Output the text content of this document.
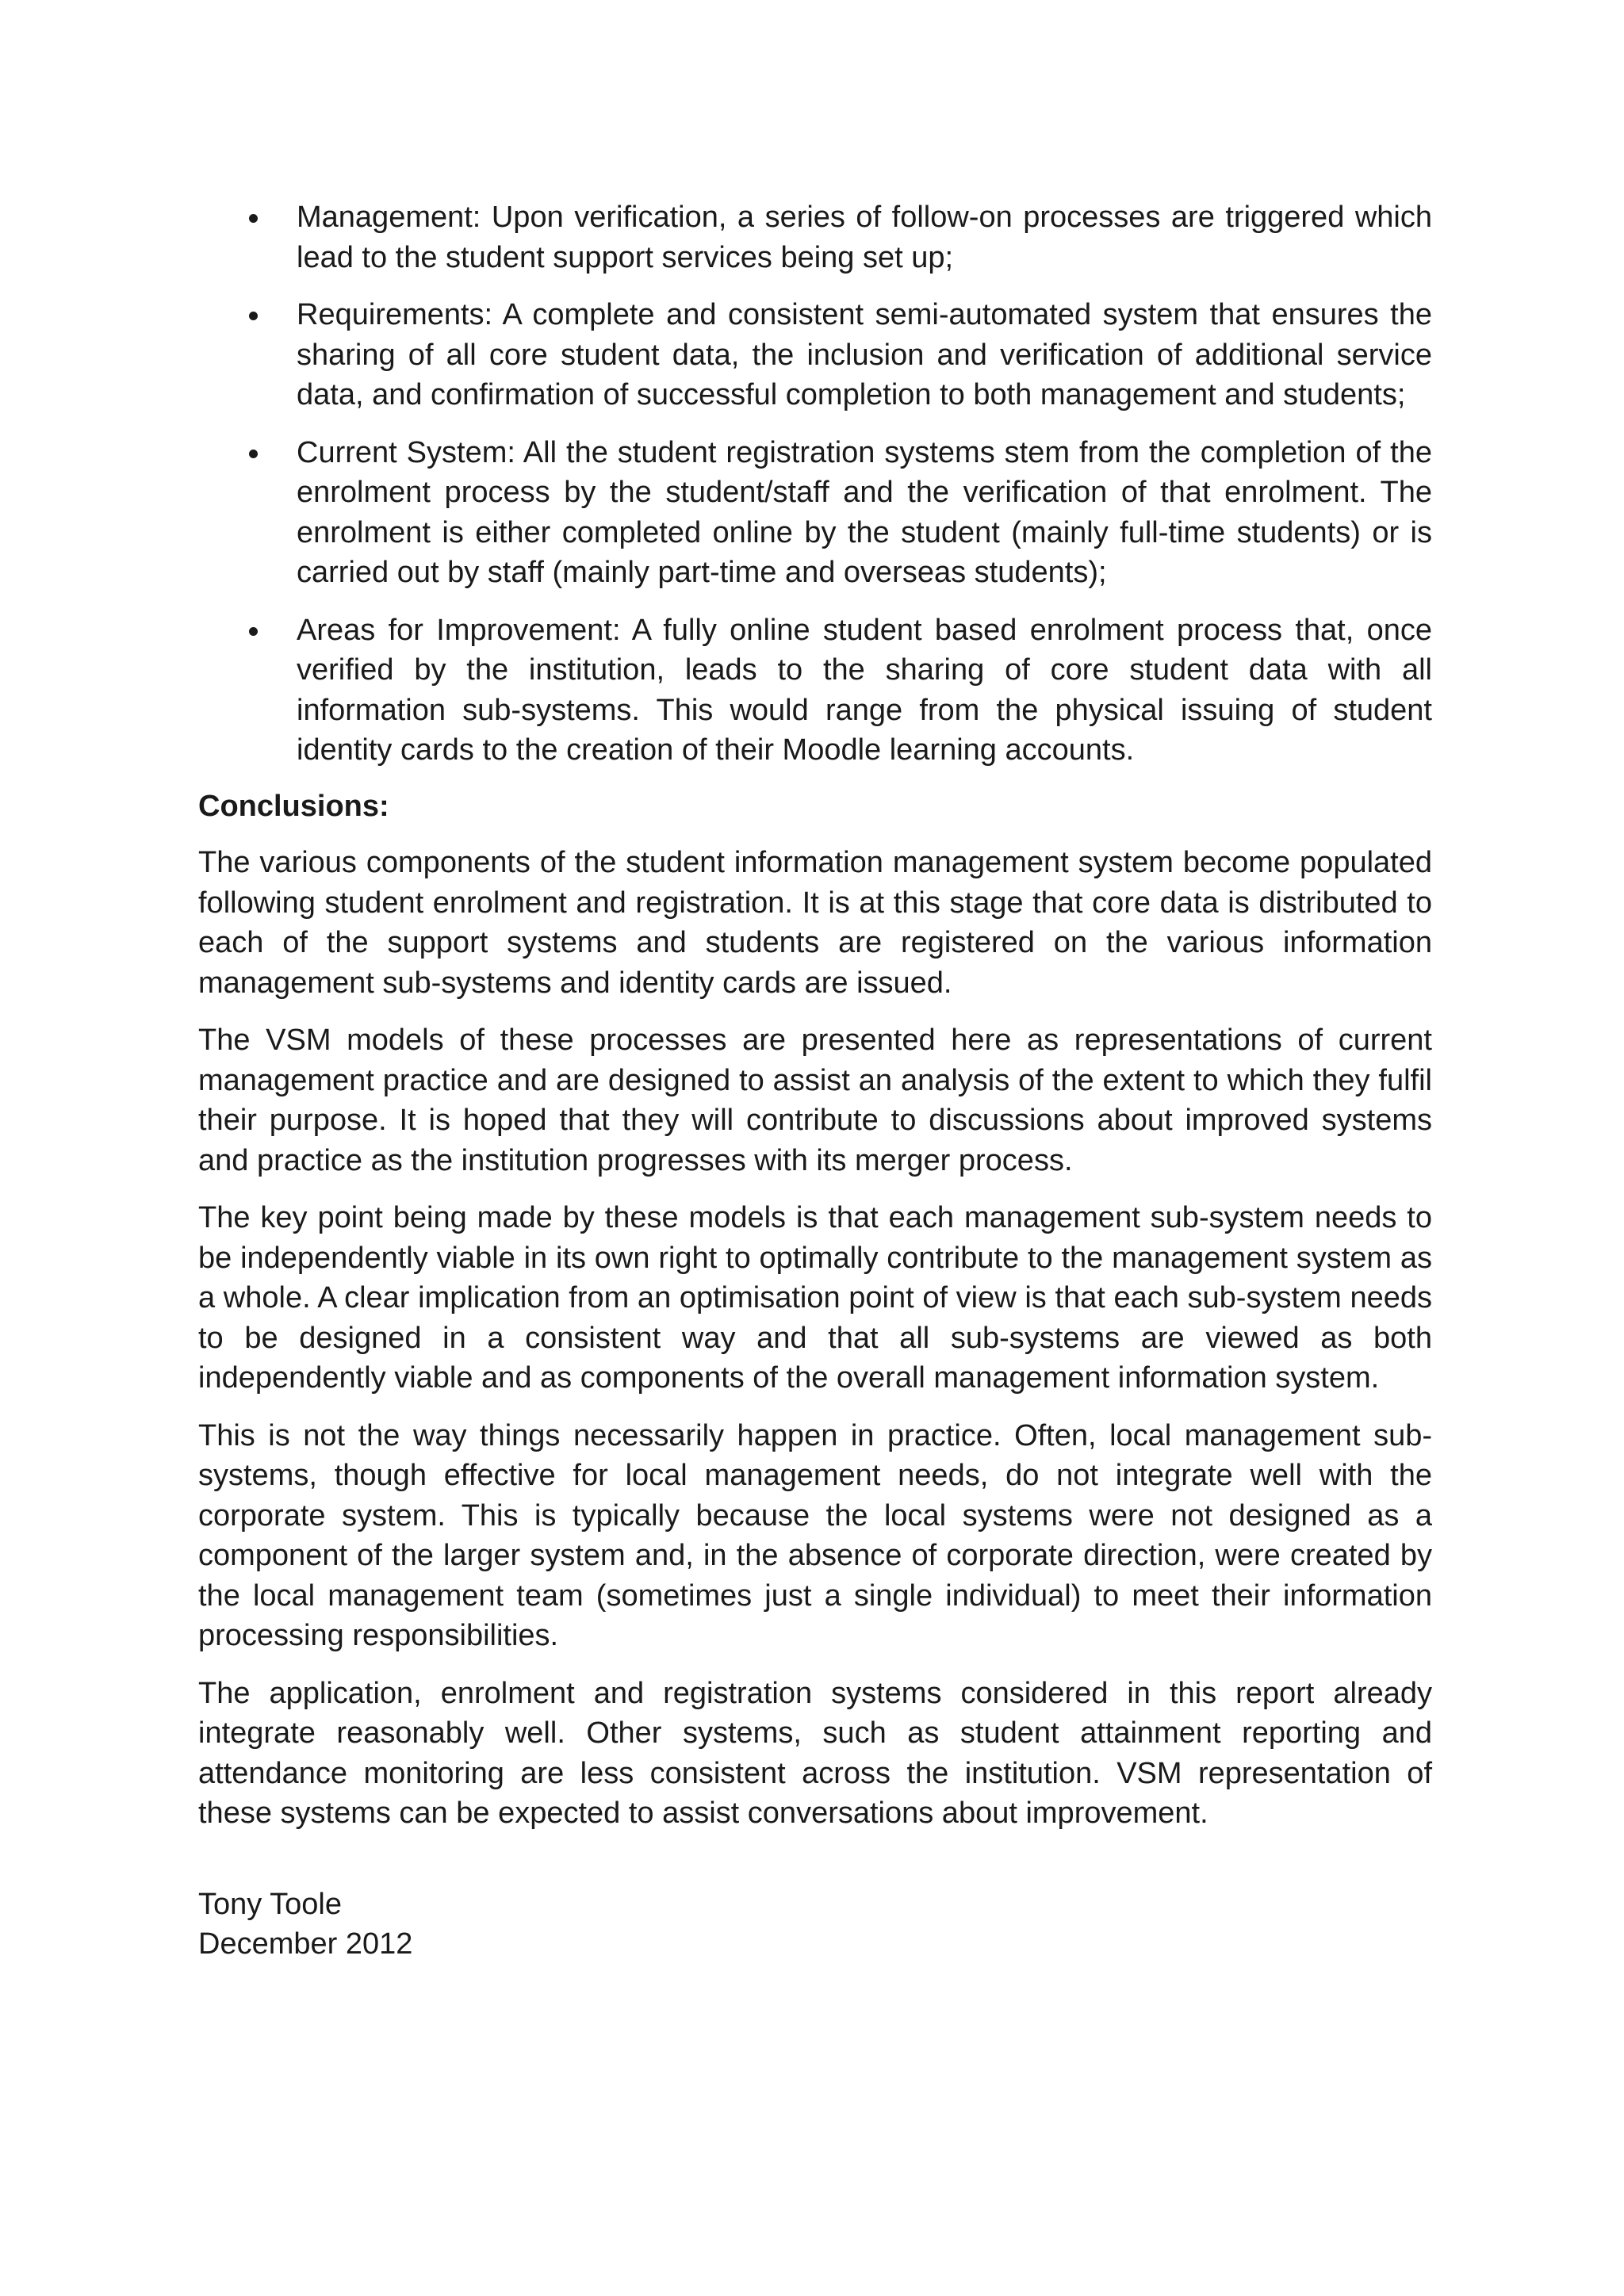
Management: Upon verification, a series of follow-on processes are triggered which lead to the student support services being set up;
Requirements: A complete and consistent semi-automated system that ensures the sharing of all core student data, the inclusion and verification of additional service data, and confirmation of successful completion to both management and students;
Current System: All the student registration systems stem from the completion of the enrolment process by the student/staff and the verification of that enrolment. The enrolment is either completed online by the student (mainly full-time students) or is carried out by staff (mainly part-time and overseas students);
Areas for Improvement: A fully online student based enrolment process that, once verified by the institution, leads to the sharing of core student data with all information sub-systems. This would range from the physical issuing of student identity cards to the creation of their Moodle learning accounts.

Conclusions:

The various components of the student information management system become populated following student enrolment and registration. It is at this stage that core data is distributed to each of the support systems and students are registered on the various information management sub-systems and identity cards are issued.

The VSM models of these processes are presented here as representations of current management practice and are designed to assist an analysis of the extent to which they fulfil their purpose. It is hoped that they will contribute to discussions about improved systems and practice as the institution progresses with its merger process.

The key point being made by these models is that each management sub-system needs to be independently viable in its own right to optimally contribute to the management system as a whole. A clear implication from an optimisation point of view is that each sub-system needs to be designed in a consistent way and that all sub-systems are viewed as both independently viable and as components of the overall management information system.

This is not the way things necessarily happen in practice. Often, local management sub-systems, though effective for local management needs, do not integrate well with the corporate system. This is typically because the local systems were not designed as a component of the larger system and, in the absence of corporate direction, were created by the local management team (sometimes just a single individual) to meet their information processing responsibilities.

The application, enrolment and registration systems considered in this report already integrate reasonably well. Other systems, such as student attainment reporting and attendance monitoring are less consistent across the institution. VSM representation of these systems can be expected to assist conversations about improvement.

Tony Toole
December 2012
